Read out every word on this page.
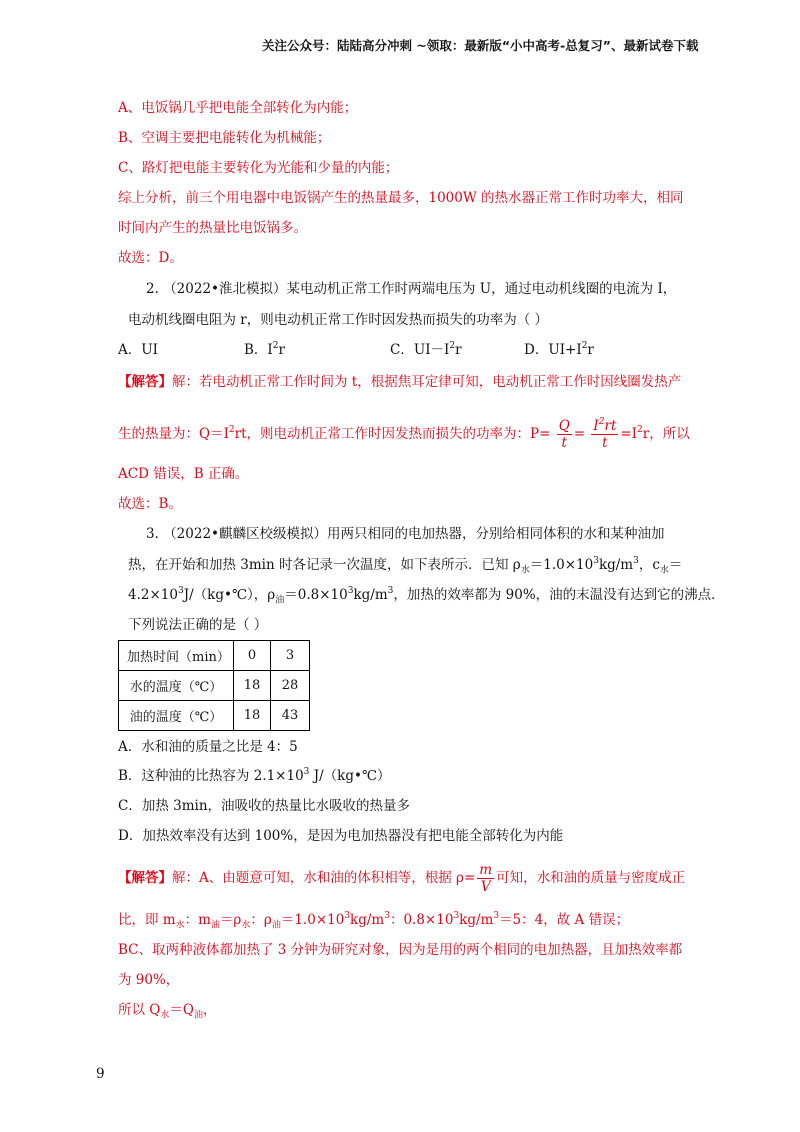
关注公众号：陆陆高分冲刺 ~领取：最新版“小中高考-总复习”、最新试卷下载
A、电饭锅几乎把电能全部转化为内能；
B、空调主要把电能转化为机械能；
C、路灯把电能主要转化为光能和少量的内能；
综上分析，前三个用电器中电饭锅产生的热量最多，1000W 的热水器正常工作时功率大，相同
时间内产生的热量比电饭锅多。
故选：D。
2. （2022•淮北模拟）某电动机正常工作时两端电压为 U，通过电动机线圈的电流为 I，
电动机线圈电阻为 r，则电动机正常工作时因发热而损失的功率为（ ）
A．UI	B．$I^2r$	C．$UI-I^2r$	D．$UI+I^2r$
【解答】解：若电动机正常工作时间为 t，根据焦耳定律可知，电动机正常工作时因线圈发热产
生的热量为：$Q=I^2rt$，则电动机正常工作时因发热而损失的功率为：$P= \frac{Q}{t} = \frac{I^2rt}{t} =I^2r$，所以
ACD 错误，B 正确。
故选：B。
3. （2022•麒麟区校级模拟）用两只相同的电加热器，分别给相同体积的水和某种油加
热，在开始和加热 3min 时各记录一次温度，如下表所示．已知 $\rho_水=1.0\times 10^3kg/m^3$，$c_水=$
$4.2\times 10^3J/(kg•℃)$，$\rho_油=0.8\times 10^3kg/m^3$，加热的效率都为 90%，油的末温没有达到它的沸点．
下列说法正确的是（ ）
加热时间（min）	0	3
水的温度（℃）	18	28
油的温度（℃）	18	43
A．水和油的质量之比是 4：5
B．这种油的比热容为 $2.1\times 10^3$ J/（kg•℃）
C．加热 3min，油吸收的热量比水吸收的热量多
D．加热效率没有达到 100%，是因为电加热器没有把电能全部转化为内能
【解答】解：A、由题意可知，水和油的体积相等，根据 $\rho= \frac{m}{V}$ 可知，水和油的质量与密度成正
比，即 $m_水$：$m_油=\rho_水$：$\rho_油=1.0\times 10^3kg/m^3$：$0.8\times 10^3kg/m^3=5$：4，故 A 错误；
BC、取两种液体都加热了 3 分钟为研究对象，因为是用的两个相同的电加热器，且加热效率都
为 90%，
所以 $Q_水=Q_油$，
9
